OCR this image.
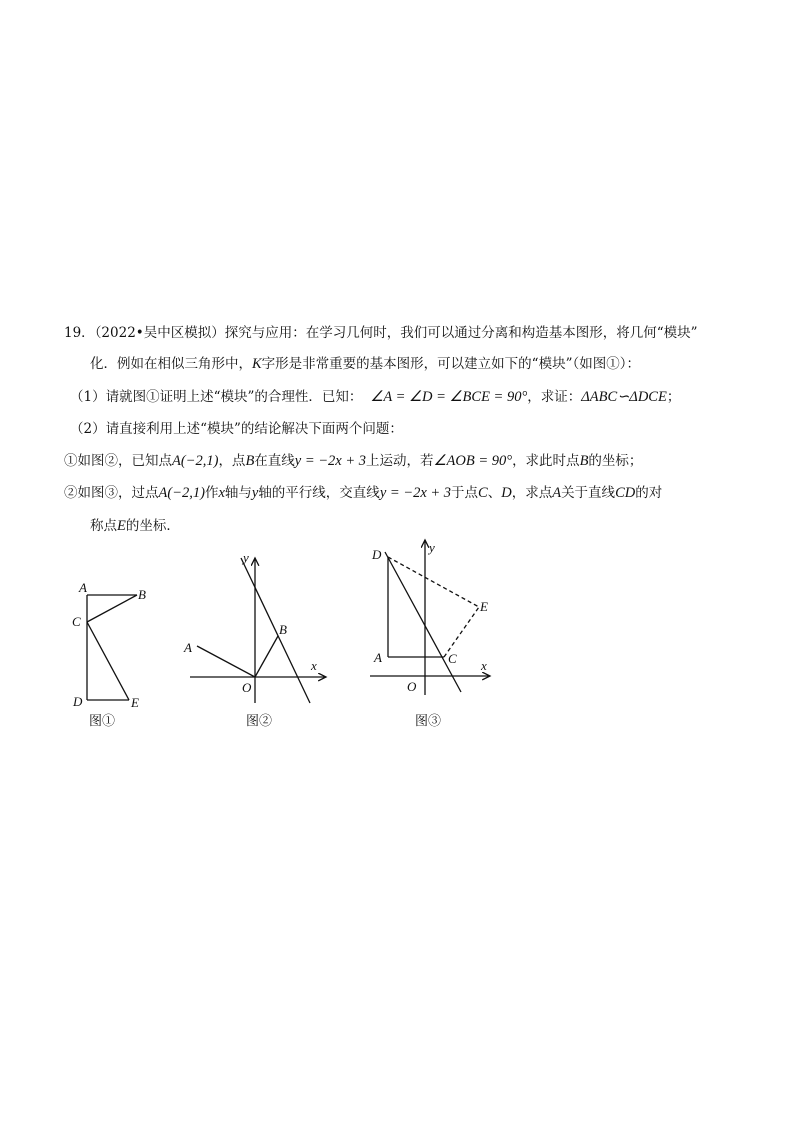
19．（2022•吴中区模拟）探究与应用：在学习几何时，我们可以通过分离和构造基本图形，将几何“模块”
化．例如在相似三角形中，K字形是非常重要的基本图形，可以建立如下的“模块”（如图①）：
（1）请就图①证明上述“模块”的合理性．已知： ∠A = ∠D = ∠BCE = 90°，求证：ΔABC∽ΔDCE；
（2）请直接利用上述“模块”的结论解决下面两个问题：
①如图②，已知点A(−2,1)，点B在直线y = −2x + 3上运动，若∠AOB = 90°，求此时点B的坐标；
②如图③，过点A(−2,1)作x轴与y轴的平行线，交直线y = −2x + 3于点C、D，求点A关于直线CD的对
称点E的坐标．
A	B
C
D	E
图①
y
x
A
B
O
图②
D	y
E
A	C x
O
图③
